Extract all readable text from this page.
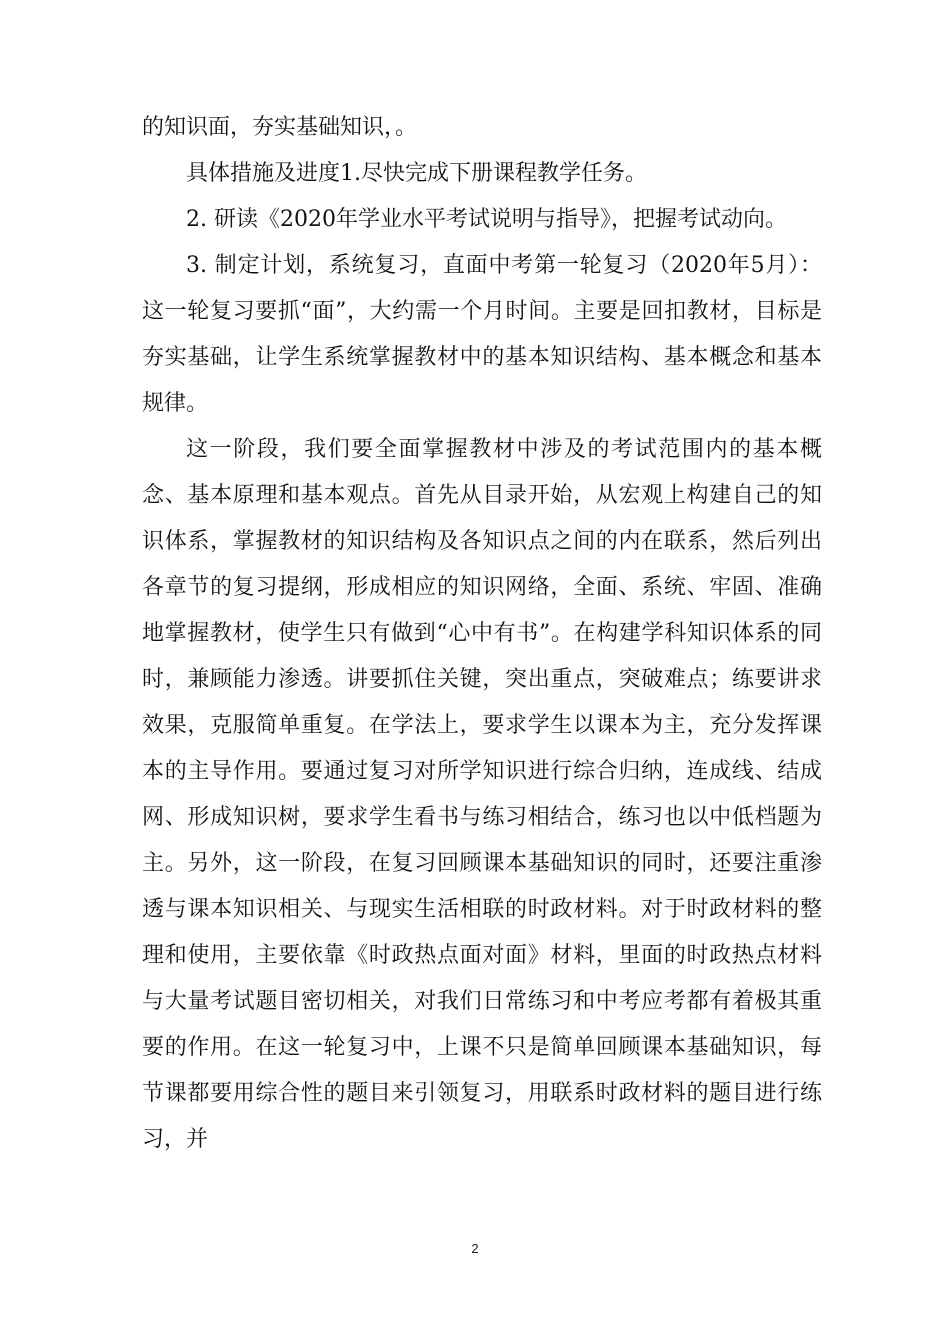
的知识面，夯实基础知识，。

具体措施及进度1.尽快完成下册课程教学任务。

2. 研读《2020年学业水平考试说明与指导》，把握考试动向。

3. 制定计划，系统复习，直面中考第一轮复习（2020年5月）：这一轮复习要抓“面”，大约需一个月时间。主要是回扣教材，目标是夯实基础，让学生系统掌握教材中的基本知识结构、基本概念和基本规律。

这一阶段，我们要全面掌握教材中涉及的考试范围内的基本概念、基本原理和基本观点。首先从目录开始，从宏观上构建自己的知识体系，掌握教材的知识结构及各知识点之间的内在联系，然后列出各章节的复习提纲，形成相应的知识网络，全面、系统、牢固、准确地掌握教材，使学生只有做到“心中有书”。在构建学科知识体系的同时，兼顾能力渗透。讲要抓住关键，突出重点，突破难点；练要讲求效果，克服简单重复。在学法上，要求学生以课本为主，充分发挥课本的主导作用。要通过复习对所学知识进行综合归纳，连成线、结成网、形成知识树，要求学生看书与练习相结合，练习也以中低档题为主。另外，这一阶段，在复习回顾课本基础知识的同时，还要注重渗透与课本知识相关、与现实生活相联的时政材料。对于时政材料的整理和使用，主要依靠《时政热点面对面》材料，里面的时政热点材料与大量考试题目密切相关，对我们日常练习和中考应考都有着极其重要的作用。在这一轮复习中，上课不只是简单回顾课本基础知识，每节课都要用综合性的题目来引领复习，用联系时政材料的题目进行练习，并

2
